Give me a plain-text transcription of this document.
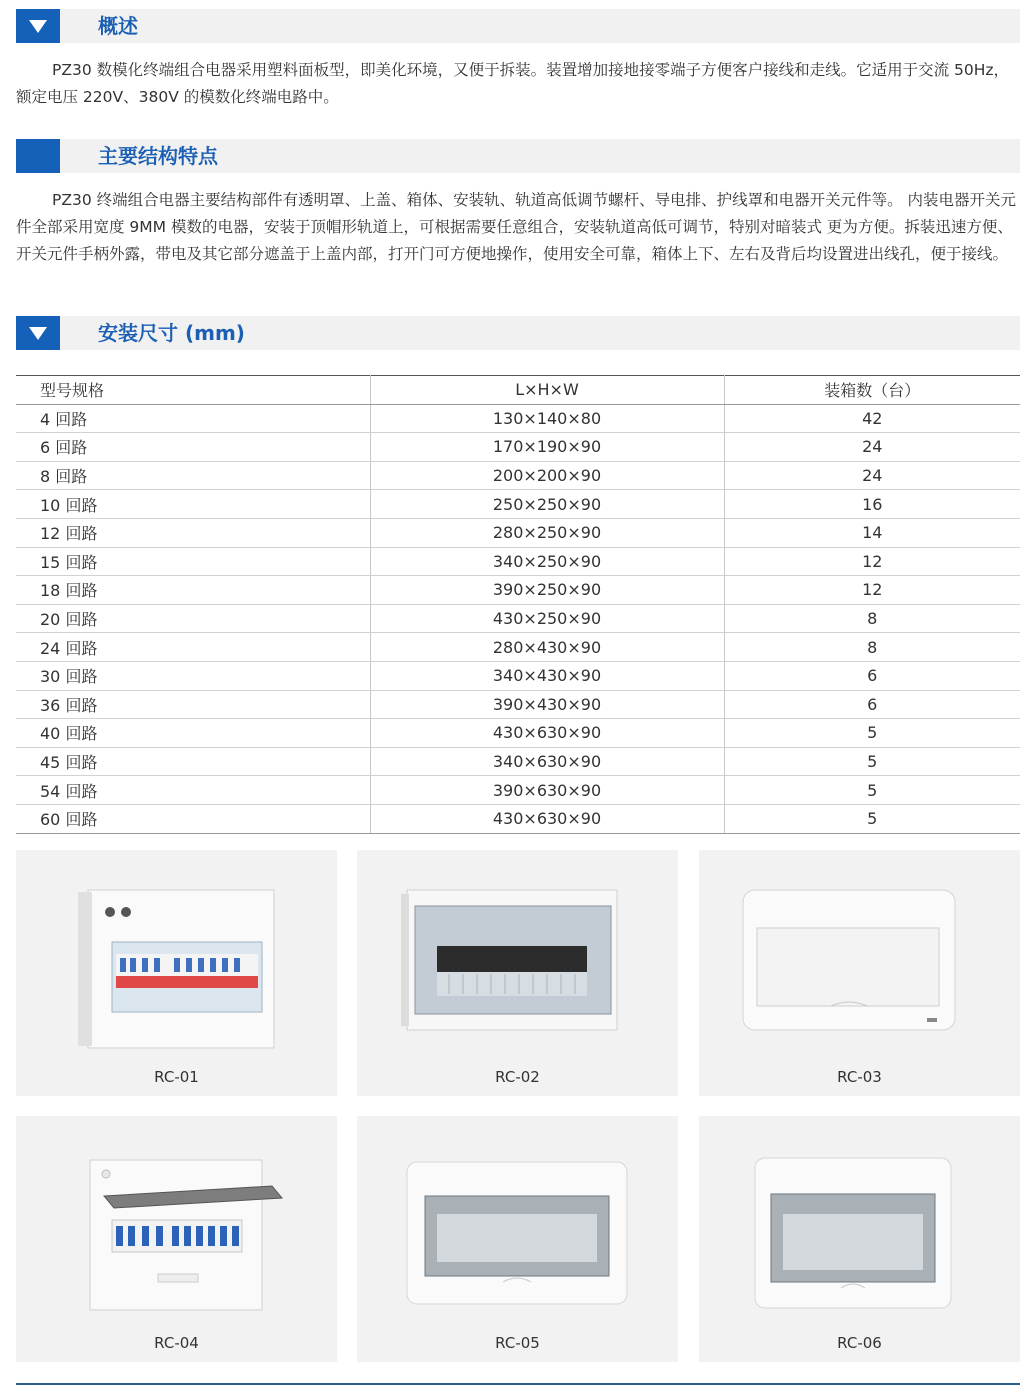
概述

PZ30 数模化终端组合电器采用塑料面板型，即美化环境，又便于拆装。装置增加接地接零端子方便客户接线和走线。它适用于交流 50Hz，额定电压 220V、380V 的模数化终端电路中。

主要结构特点

PZ30 终端组合电器主要结构部件有透明罩、上盖、箱体、安装轨、轨道高低调节螺杆、导电排、护线罩和电器开关元件等。 内装电器开关元件全部采用宽度 9MM 模数的电器，安装于顶帽形轨道上，可根据需要任意组合，安装轨道高低可调节，特别对暗装式 更为方便。拆装迅速方便、开关元件手柄外露，带电及其它部分遮盖于上盖内部，打开门可方便地操作，使用安全可靠，箱体上下、左右及背后均设置进出线孔，便于接线。

安装尺寸 (mm)
型号规格	L×H×W	装箱数（台）
4 回路	130×140×80	42
6 回路	170×190×90	24
8 回路	200×200×90	24
10 回路	250×250×90	16
12 回路	280×250×90	14
15 回路	340×250×90	12
18 回路	390×250×90	12
20 回路	430×250×90	8
24 回路	280×430×90	8
30 回路	340×430×90	6
36 回路	390×430×90	6
40 回路	430×630×90	5
45 回路	340×630×90	5
54 回路	390×630×90	5
60 回路	430×630×90	5
RC-01	RC-02	RC-03
RC-04	RC-05	RC-06
